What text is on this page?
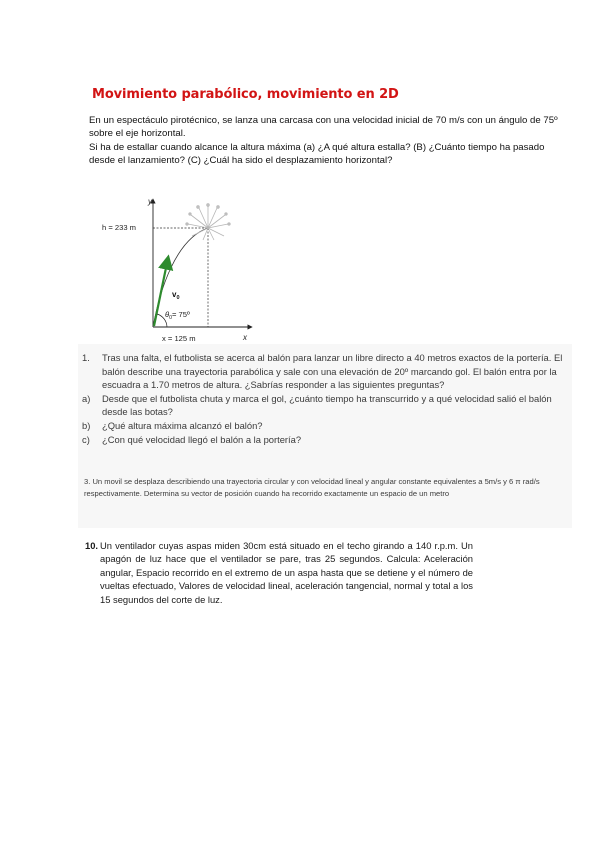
Movimiento parabólico, movimiento en 2D

En un espectáculo pirotécnico, se lanza una carcasa con una velocidad inicial de 70 m/s con un ángulo de 75º sobre el eje horizontal.

Si ha de estallar cuando alcance la altura máxima (a) ¿A qué altura estalla? (B) ¿Cuánto tiempo ha pasado desde el lanzamiento? (C) ¿Cuál ha sido el desplazamiento horizontal?

y
x
h = 233 m
$v_0$
$\theta_0=$ 75º
x = 125 m
1.	Tras una falta, el futbolista se acerca al balón para lanzar un libre directo a 40 metros exactos de la portería. El balón describe una trayectoria parabólica y sale con una elevación de 20º marcando gol. El balón entra por la escuadra a 1.70 metros de altura. ¿Sabrías responder a las siguientes preguntas?
a)	Desde que el futbolista chuta y marca el gol, ¿cuánto tiempo ha transcurrido y a qué velocidad salió el balón desde las botas?
b)	¿Qué altura máxima alcanzó el balón?
c)	¿Con qué velocidad llegó el balón a la portería?
3. Un movil se desplaza describiendo una trayectoria circular y con velocidad lineal y angular constante equivalentes a 5m/s y 6 π rad/s respectivamente. Determina su vector de posición cuando ha recorrido exactamente un espacio de un metro
10. Un ventilador cuyas aspas miden 30cm está situado en el techo girando a 140 r.p.m. Un apagón de luz hace que el ventilador se pare, tras 25 segundos. Calcula: Aceleración angular, Espacio recorrido en el extremo de un aspa hasta que se detiene y el número de vueltas efectuado, Valores de velocidad lineal, aceleración tangencial, normal y total a los 15 segundos del corte de luz.
